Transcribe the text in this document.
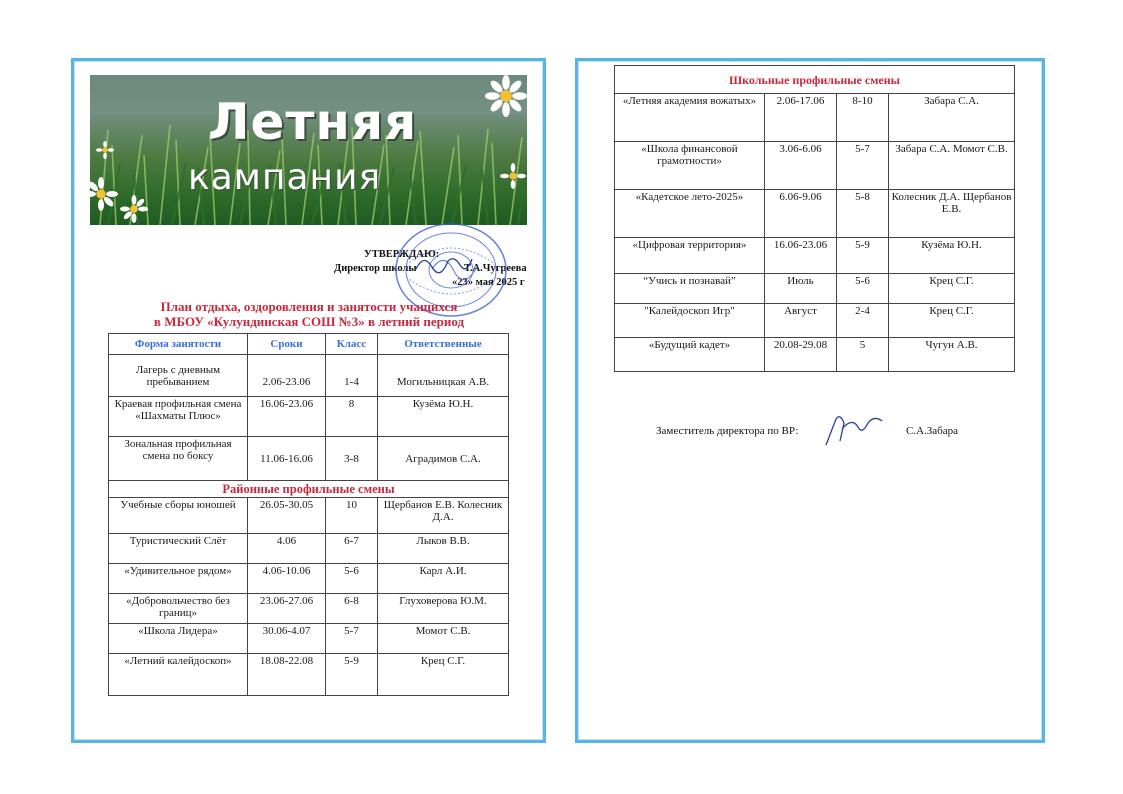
Летняя
кампания
УТВЕРЖДАЮ:
Директор школы	Т.А.Чугреева
«23» мая 2025 г
План отдыха, оздоровления и занятости учащихся
в МБОУ «Кулундинская СОШ №3» в летний период
Форма занятости	Сроки	Класс	Ответственные
Лагерь с дневным пребыванием	2.06-23.06	1-4	Могильницкая А.В.
Краевая профильная смена «Шахматы Плюс»	16.06-23.06	8	Кузёма Ю.Н.
Зональная профильная смена по боксу	11.06-16.06	3-8	Аградимов С.А.
Районные профильные смены			
Учебные сборы юношей	26.05-30.05	10	Щербанов Е.В. Колесник Д.А.
Туристический Слёт	4.06	6-7	Лыков В.В.
«Удивительное рядом»	4.06-10.06	5-6	Карл А.И.
«Добровольчество без границ»	23.06-27.06	6-8	Глуховерова Ю.М.
«Школа Лидера»	30.06-4.07	5-7	Момот С.В.
«Летний калейдоскоп»	18.08-22.08	5-9	Крец С.Г.
Школьные профильные смены			
«Летняя академия вожатых»	2.06-17.06	8-10	Забара С.А.
«Школа финансовой грамотности»	3.06-6.06	5-7	Забара С.А. Момот С.В.
«Кадетское лето-2025»	6.06-9.06	5-8	Колесник Д.А. Щербанов Е.В.
«Цифровая территория»	16.06-23.06	5-9	Кузёма Ю.Н.
“Учись и познавай”	Июль	5-6	Крец С.Г.
"Калейдоскоп Игр"	Август	2-4	Крец С.Г.
«Будущий кадет»	20.08-29.08	5	Чугун А.В.
Заместитель директора по ВР:	С.А.Забара
